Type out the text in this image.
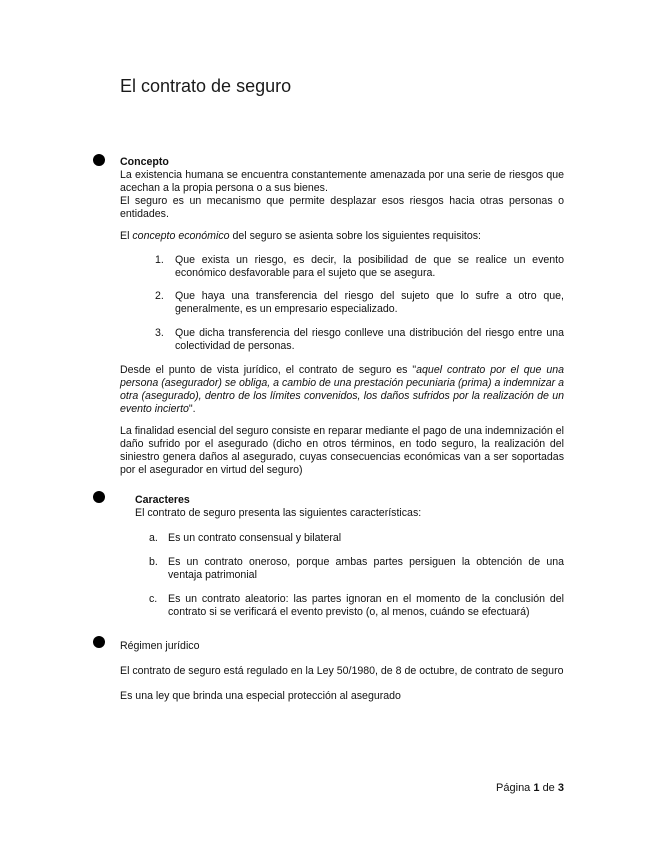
El contrato de seguro

Concepto

La existencia humana se encuentra constantemente amenazada por una serie de riesgos que acechan a la propia persona o a sus bienes.

El seguro es un mecanismo que permite desplazar esos riesgos hacia otras personas o entidades.

El concepto económico del seguro se asienta sobre los siguientes requisitos:

1. Que exista un riesgo, es decir, la posibilidad de que se realice un evento económico desfavorable para el sujeto que se asegura.
2. Que haya una transferencia del riesgo del sujeto que lo sufre a otro que, generalmente, es un empresario especializado.
3. Que dicha transferencia del riesgo conlleve una distribución del riesgo entre una colectividad de personas.

Desde el punto de vista jurídico, el contrato de seguro es "aquel contrato por el que una persona (asegurador) se obliga, a cambio de una prestación pecuniaria (prima) a indemnizar a otra (asegurado), dentro de los límites convenidos, los daños sufridos por la realización de un evento incierto".

La finalidad esencial del seguro consiste en reparar mediante el pago de una indemnización el daño sufrido por el asegurado (dicho en otros términos, en todo seguro, la realización del siniestro genera daños al asegurado, cuyas consecuencias económicas van a ser soportadas por el asegurador en virtud del seguro)

Caracteres

El contrato de seguro presenta las siguientes características:

a. Es un contrato consensual y bilateral
b. Es un contrato oneroso, porque ambas partes persiguen la obtención de una ventaja patrimonial
c. Es un contrato aleatorio: las partes ignoran en el momento de la conclusión del contrato si se verificará el evento previsto (o, al menos, cuándo se efectuará)
Régimen jurídico
El contrato de seguro está regulado en la Ley 50/1980, de 8 de octubre, de contrato de seguro
Es una ley que brinda una especial protección al asegurado
Página 1 de 3
